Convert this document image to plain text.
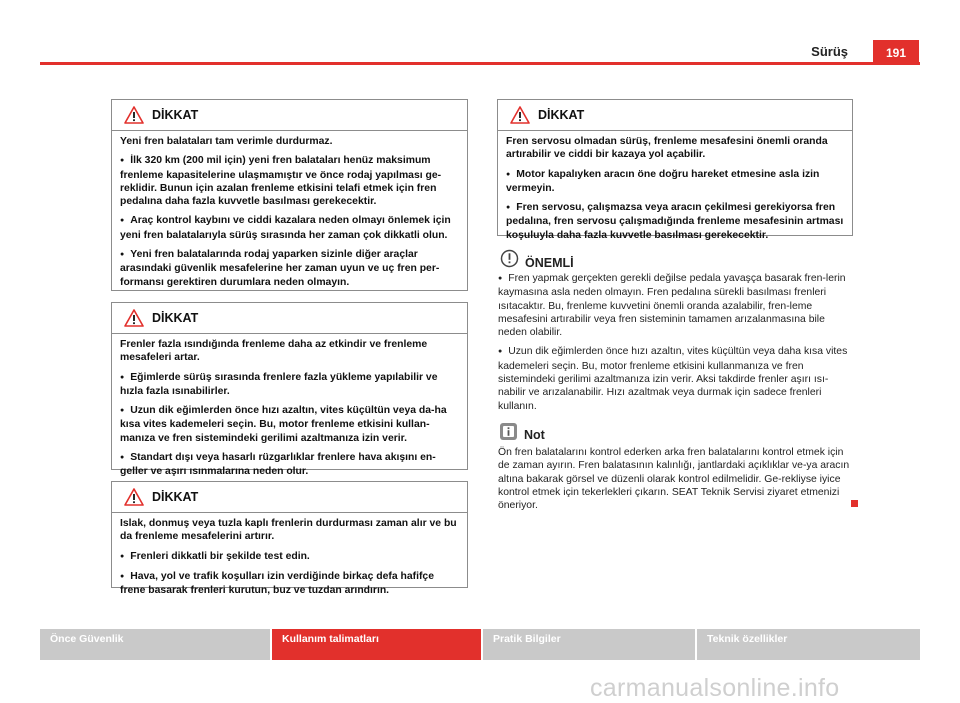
Sürüş	191
DİKKAT

Yeni fren balataları tam verimle durdurmaz.

● İlk 320 km (200 mil için) yeni fren balataları henüz maksimum frenleme kapasitelerine ulaşmamıştır ve önce rodaj yapılması ge-reklidir. Bunun için azalan frenleme etkisini telafi etmek için fren pedalına daha fazla kuvvetle basılması gerekecektir.

● Araç kontrol kaybını ve ciddi kazalara neden olmayı önlemek için yeni fren balatalarıyla sürüş sırasında her zaman çok dikkatli olun.

● Yeni fren balatalarında rodaj yaparken sizinle diğer araçlar arasındaki güvenlik mesafelerine her zaman uyun ve uç fren per-formansı gerektiren durumlara neden olmayın.

DİKKAT

Frenler fazla ısındığında frenleme daha az etkindir ve frenleme mesafeleri artar.

● Eğimlerde sürüş sırasında frenlere fazla yükleme yapılabilir ve hızla fazla ısınabilirler.

● Uzun dik eğimlerden önce hızı azaltın, vites küçültün veya da-ha kısa vites kademeleri seçin. Bu, motor frenleme etkisini kullan-manıza ve fren sistemindeki gerilimi azaltmanıza izin verir.

● Standart dışı veya hasarlı rüzgarlıklar frenlere hava akışını en-geller ve aşırı ısınmalarına neden olur.

DİKKAT

Islak, donmuş veya tuzla kaplı frenlerin durdurması zaman alır ve bu da frenleme mesafelerini artırır.

● Frenleri dikkatli bir şekilde test edin.

● Hava, yol ve trafik koşulları izin verdiğinde birkaç defa hafifçe frene basarak frenleri kurutun, buz ve tuzdan arındırın.

DİKKAT

Fren servosu olmadan sürüş, frenleme mesafesini önemli oranda artırabilir ve ciddi bir kazaya yol açabilir.

● Motor kapalıyken aracın öne doğru hareket etmesine asla izin vermeyin.

● Fren servosu, çalışmazsa veya aracın çekilmesi gerekiyorsa fren pedalına, fren servosu çalışmadığında frenleme mesafesinin artması koşuluyla daha fazla kuvvetle basılması gerekecektir.

ÖNEMLİ

● Fren yapmak gerçekten gerekli değilse pedala yavaşça basarak fren-lerin kaymasına asla neden olmayın. Fren pedalına sürekli basılması frenleri ısıtacaktır. Bu, frenleme kuvvetini önemli oranda azalabilir, fren-leme mesafesini artırabilir veya fren sisteminin tamamen arızalanmasına bile neden olabilir.

● Uzun dik eğimlerden önce hızı azaltın, vites küçültün veya daha kısa vites kademeleri seçin. Bu, motor frenleme etkisini kullanmanıza ve fren sistemindeki gerilimi azaltmanıza izin verir. Aksi takdirde frenler aşırı ısı-nabilir ve arızalanabilir. Hızı azaltmak veya durmak için sadece frenleri kullanın.

Not

Ön fren balatalarını kontrol ederken arka fren balatalarını kontrol etmek için de zaman ayırın. Fren balatasının kalınlığı, jantlardaki açıklıklar ve-ya aracın altına bakarak görsel ve düzenli olarak kontrol edilmelidir. Ge-rekliyse iyice kontrol etmek için tekerlekleri çıkarın. SEAT Teknik Servisi ziyaret etmenizi öneriyor.

Önce Güvenlik	Kullanım talimatları	Pratik Bilgiler	Teknik özellikler
carmanualsonline.info
